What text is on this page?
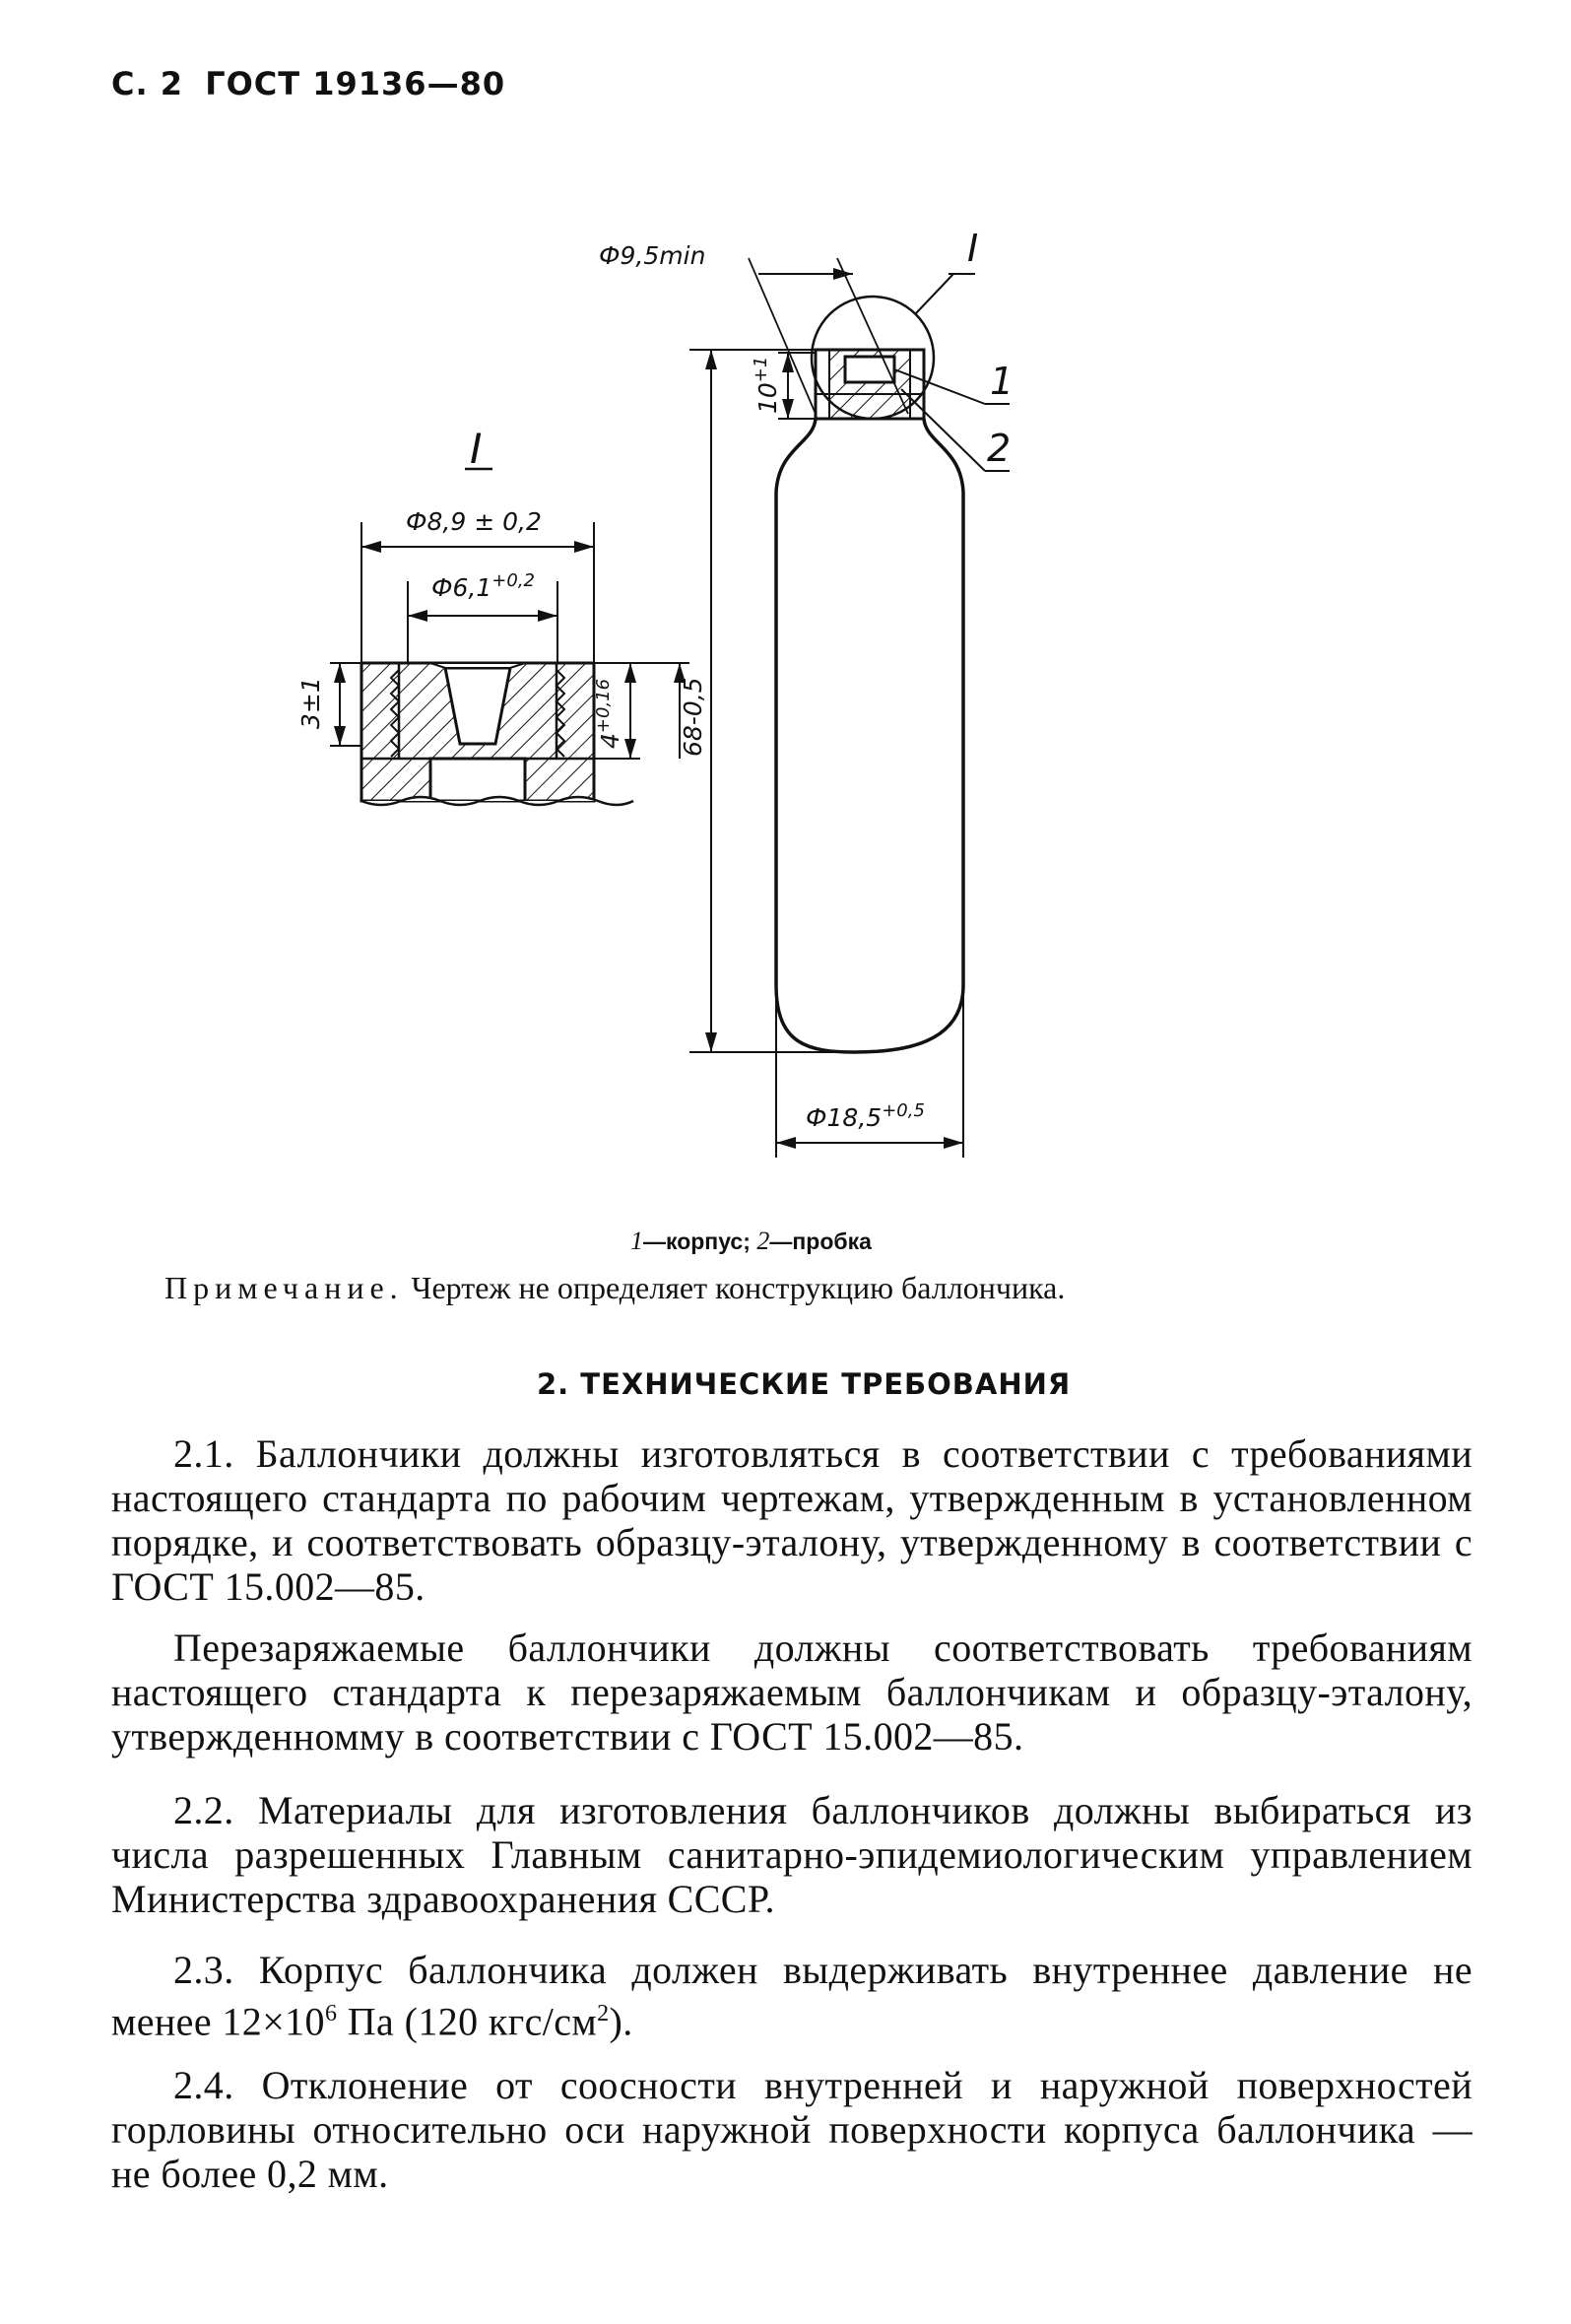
С. 2 ГОСТ 19136—80
I
Ф8,9 ± 0,2
$Ф6,1^{+0,2}$
3±1
$4^{+0,16}$	68-0,5
I
Ф9,5min
$10^{+1}$	1
2
$Ф18,5^{+0,5}$
1—корпус; 2—пробка
Примечание. Чертеж не определяет конструкцию баллончика.
2. ТЕХНИЧЕСКИЕ ТРЕБОВАНИЯ

2.1. Баллончики должны изготовляться в соответствии с требованиями настоящего стандарта по рабочим чертежам, утвержденным в установленном порядке, и соответствовать образцу-эталону, утвержденному в соответствии с ГОСТ 15.002—85.

Перезаряжаемые баллончики должны соответствовать требованиям настоящего стандарта к перезаряжаемым баллончикам и образцу-эталону, утвержденномму в соответствии с ГОСТ 15.002—85.

2.2. Материалы для изготовления баллончиков должны выбираться из числа разрешенных Главным санитарно-эпидемиологическим управлением Министерства здравоохранения СССР.

2.3. Корпус баллончика должен выдерживать внутреннее давление не менее $12\times 10^6$ Па (120 кгс/$см^2$).

2.4. Отклонение от соосности внутренней и наружной поверхностей горловины относительно оси наружной поверхности корпуса баллончика — не более 0,2 мм.
